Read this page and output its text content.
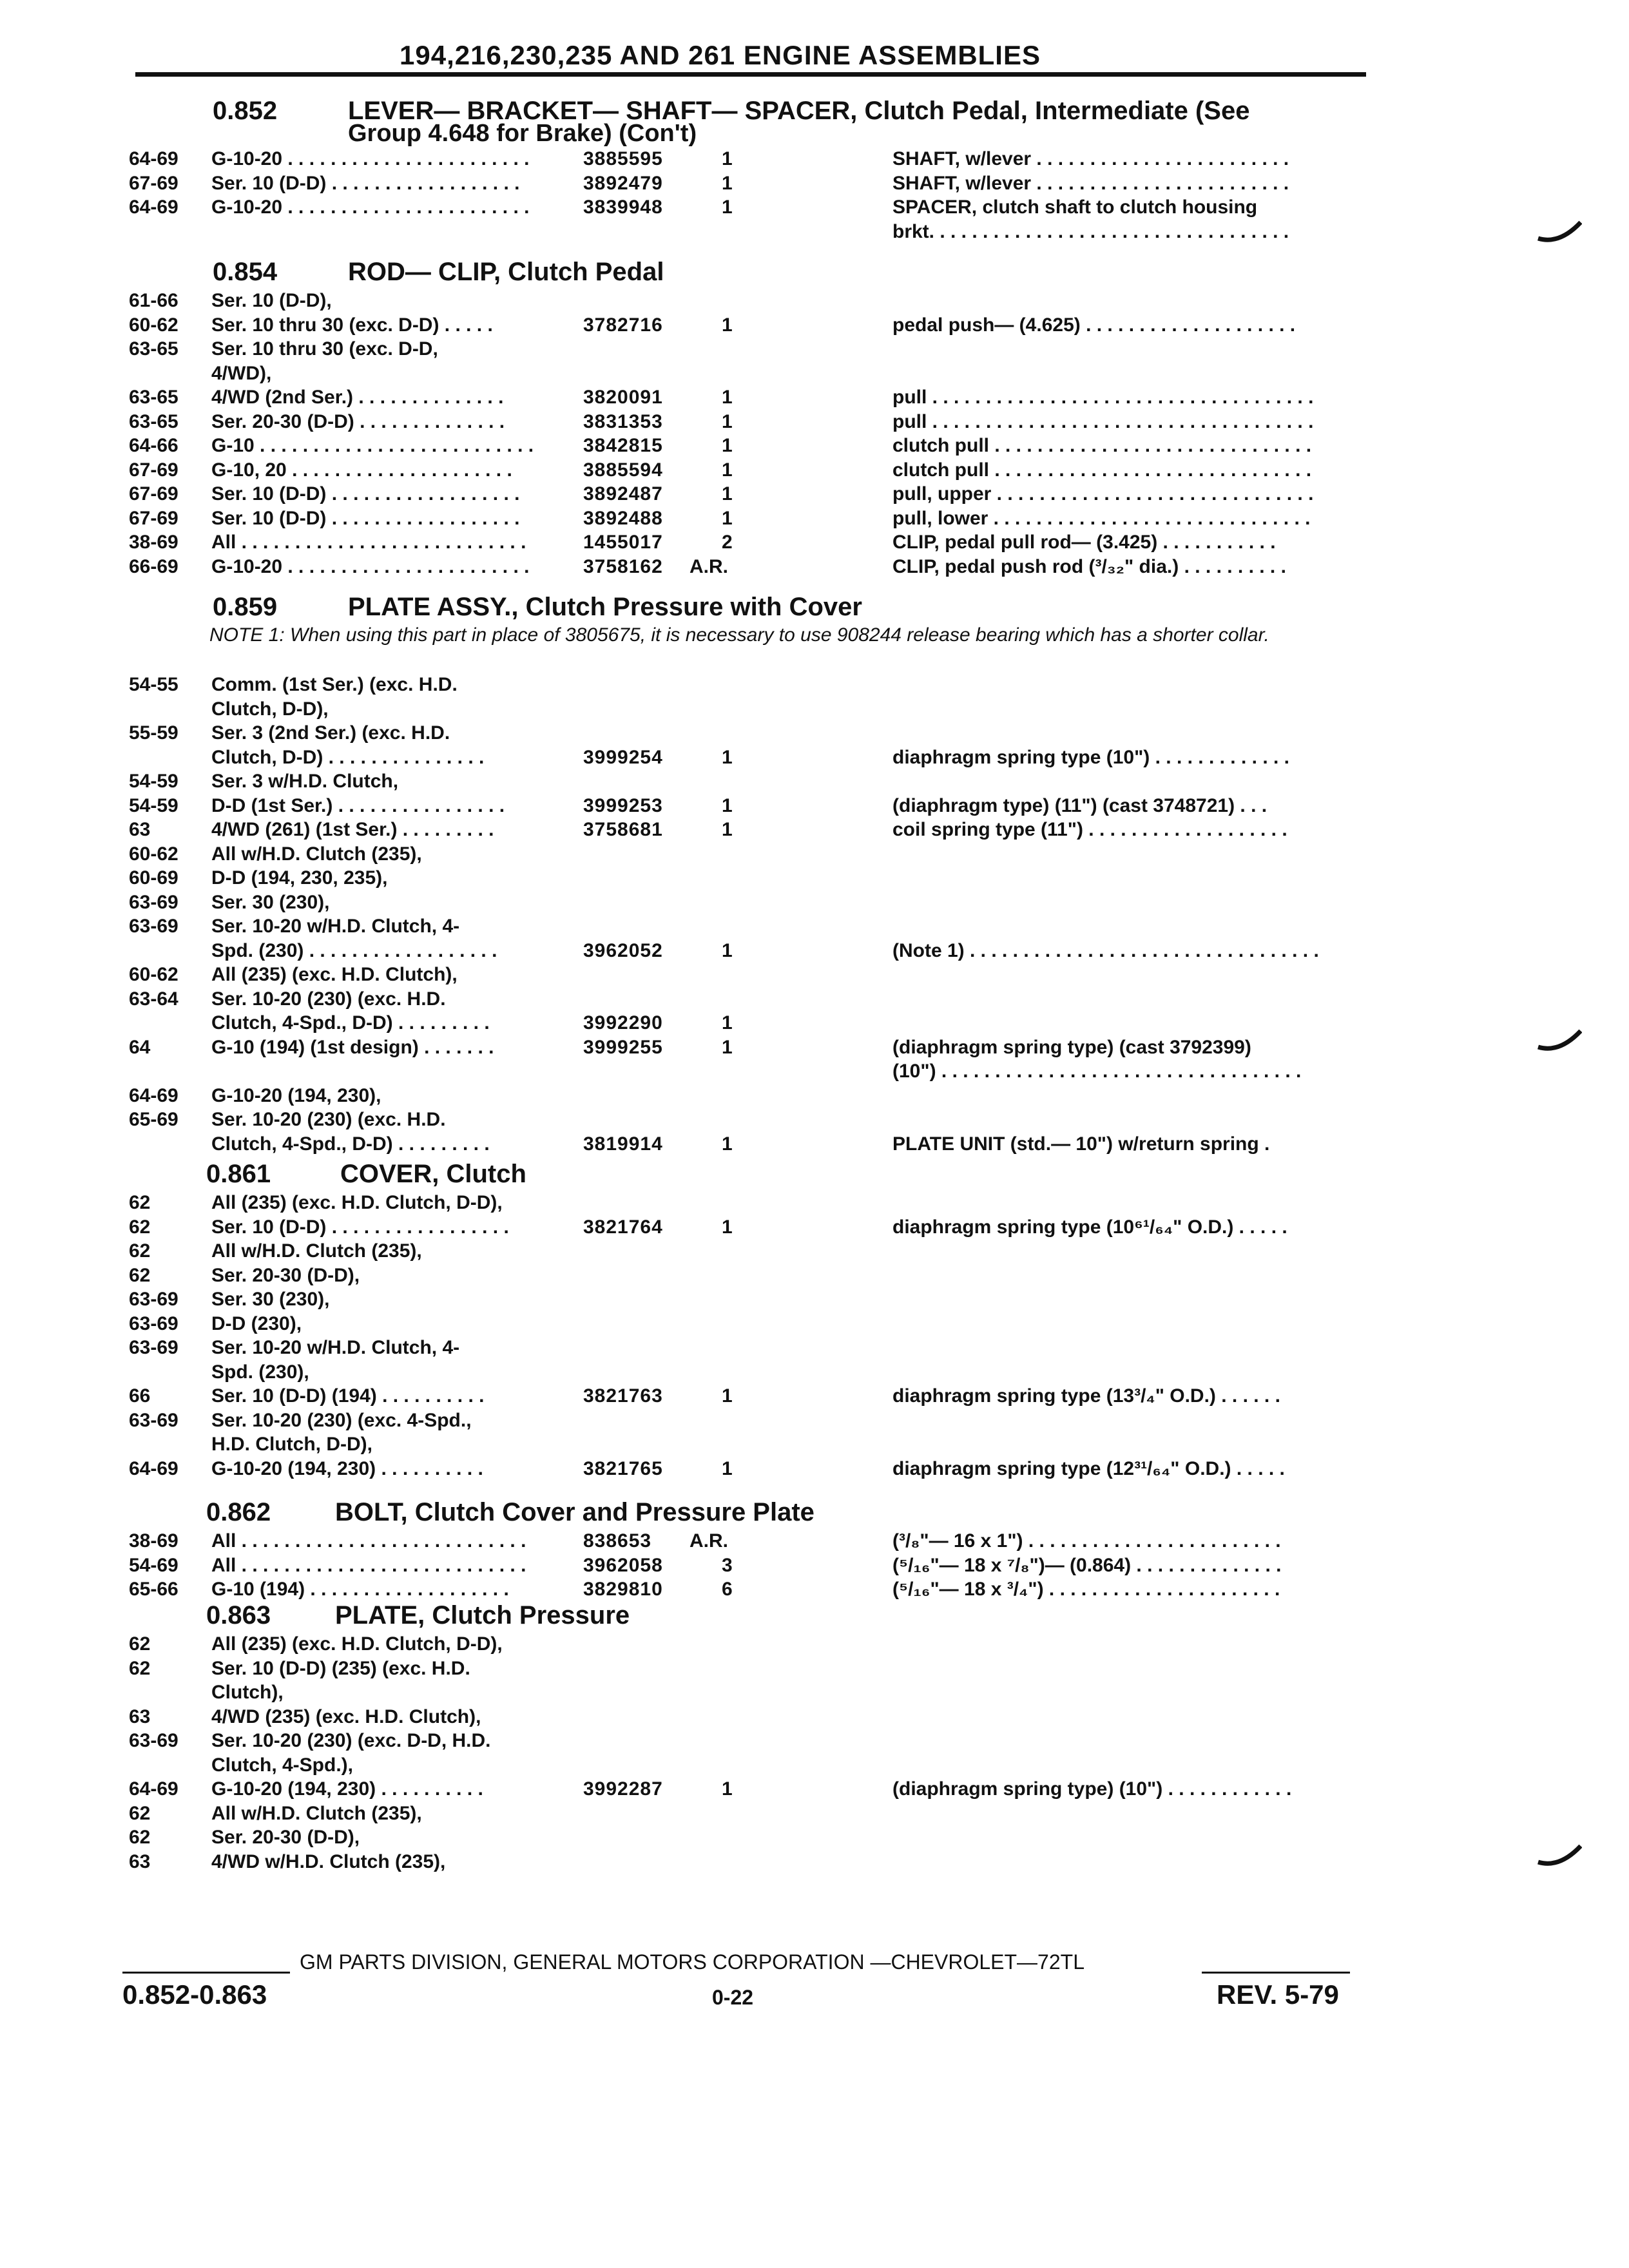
194,216,230,235 AND 261 ENGINE ASSEMBLIES
0.852	LEVER— BRACKET— SHAFT— SPACER, Clutch Pedal, Intermediate (See
Group 4.648 for Brake) (Con't)
64-69 G-10-20 . . . . . . . . . . . . . . . . . . . . . . .	3885595	1	SHAFT, w/lever . . . . . . . . . . . . . . . . . . . . . . . .
67-69 Ser. 10 (D-D) . . . . . . . . . . . . . . . . . .	3892479	1	SHAFT, w/lever . . . . . . . . . . . . . . . . . . . . . . . .
64-69 G-10-20 . . . . . . . . . . . . . . . . . . . . . . .	3839948	1	SPACER, clutch shaft to clutch housing
brkt. . . . . . . . . . . . . . . . . . . . . . . . . . . . . . . . . .
0.854	ROD— CLIP, Clutch Pedal
61-66 Ser. 10 (D-D),
60-62 Ser. 10 thru 30 (exc. D-D) . . . . .	3782716	1	pedal push— (4.625) . . . . . . . . . . . . . . . . . . . .
63-65 Ser. 10 thru 30 (exc. D-D,
4/WD),
63-65 4/WD (2nd Ser.) . . . . . . . . . . . . . .	3820091	1	pull . . . . . . . . . . . . . . . . . . . . . . . . . . . . . . . . . . . .
63-65 Ser. 20-30 (D-D) . . . . . . . . . . . . . .	3831353	1	pull . . . . . . . . . . . . . . . . . . . . . . . . . . . . . . . . . . . .
64-66 G-10 . . . . . . . . . . . . . . . . . . . . . . . . . .	3842815	1	clutch pull . . . . . . . . . . . . . . . . . . . . . . . . . . . . . .
67-69 G-10, 20 . . . . . . . . . . . . . . . . . . . . .	3885594	1	clutch pull . . . . . . . . . . . . . . . . . . . . . . . . . . . . . .
67-69 Ser. 10 (D-D) . . . . . . . . . . . . . . . . . .	3892487	1	pull, upper . . . . . . . . . . . . . . . . . . . . . . . . . . . . . .
67-69 Ser. 10 (D-D) . . . . . . . . . . . . . . . . . .	3892488	1	pull, lower . . . . . . . . . . . . . . . . . . . . . . . . . . . . . .
38-69 All . . . . . . . . . . . . . . . . . . . . . . . . . . .	1455017	2	CLIP, pedal pull rod— (3.425) . . . . . . . . . . .
66-69 G-10-20 . . . . . . . . . . . . . . . . . . . . . . .	3758162 A.R.	CLIP, pedal push rod (³/₃₂" dia.) . . . . . . . . . .
0.859	PLATE ASSY., Clutch Pressure with Cover
NOTE 1: When using this part in place of 3805675, it is necessary to use 908244 release bearing which has a shorter collar.
54-55 Comm. (1st Ser.) (exc. H.D.
Clutch, D-D),
55-59 Ser. 3 (2nd Ser.) (exc. H.D.
Clutch, D-D) . . . . . . . . . . . . . . .	3999254	1	diaphragm spring type (10") . . . . . . . . . . . . .
54-59 Ser. 3 w/H.D. Clutch,
54-59 D-D (1st Ser.) . . . . . . . . . . . . . . . .	3999253	1	(diaphragm type) (11") (cast 3748721) . . .
63	4/WD (261) (1st Ser.) . . . . . . . . .	3758681	1	coil spring type (11") . . . . . . . . . . . . . . . . . . .
60-62 All w/H.D. Clutch (235),
60-69 D-D (194, 230, 235),
63-69 Ser. 30 (230),
63-69 Ser. 10-20 w/H.D. Clutch, 4-
Spd. (230) . . . . . . . . . . . . . . . . . .	3962052	1	(Note 1) . . . . . . . . . . . . . . . . . . . . . . . . . . . . . . . . .
60-62 All (235) (exc. H.D. Clutch),
63-64 Ser. 10-20 (230) (exc. H.D.
Clutch, 4-Spd., D-D) . . . . . . . . .	3992290	1
64	G-10 (194) (1st design) . . . . . . .	3999255	1	(diaphragm spring type) (cast 3792399)
(10") . . . . . . . . . . . . . . . . . . . . . . . . . . . . . . . . . .
64-69 G-10-20 (194, 230),
65-69 Ser. 10-20 (230) (exc. H.D.
Clutch, 4-Spd., D-D) . . . . . . . . .	3819914	1	PLATE UNIT (std.— 10") w/return spring .
0.861	COVER, Clutch
62	All (235) (exc. H.D. Clutch, D-D),
62	Ser. 10 (D-D) . . . . . . . . . . . . . . . . .	3821764	1	diaphragm spring type (10⁶¹/₆₄" O.D.) . . . . .
62	All w/H.D. Clutch (235),
62	Ser. 20-30 (D-D),
63-69 Ser. 30 (230),
63-69 D-D (230),
63-69 Ser. 10-20 w/H.D. Clutch, 4-
Spd. (230),
66	Ser. 10 (D-D) (194) . . . . . . . . . .	3821763	1	diaphragm spring type (13³/₄" O.D.) . . . . . .
63-69 Ser. 10-20 (230) (exc. 4-Spd.,
H.D. Clutch, D-D),
64-69 G-10-20 (194, 230) . . . . . . . . . .	3821765	1	diaphragm spring type (12³¹/₆₄" O.D.) . . . . .
0.862 BOLT, Clutch Cover and Pressure Plate
38-69 All . . . . . . . . . . . . . . . . . . . . . . . . . . .	838653 A.R.	(³/₈"— 16 x 1") . . . . . . . . . . . . . . . . . . . . . . . .
54-69 All . . . . . . . . . . . . . . . . . . . . . . . . . . .	3962058	3	(⁵/₁₆"— 18 x ⁷/₈")— (0.864) . . . . . . . . . . . . . .
65-66 G-10 (194) . . . . . . . . . . . . . . . . . . .	3829810	6	(⁵/₁₆"— 18 x ³/₄") . . . . . . . . . . . . . . . . . . . . . .
0.863 PLATE, Clutch Pressure
62	All (235) (exc. H.D. Clutch, D-D),
62	Ser. 10 (D-D) (235) (exc. H.D.
Clutch),
63	4/WD (235) (exc. H.D. Clutch),
63-69 Ser. 10-20 (230) (exc. D-D, H.D.
Clutch, 4-Spd.),
64-69 G-10-20 (194, 230) . . . . . . . . . .	3992287	1	(diaphragm spring type) (10") . . . . . . . . . . . .
62	All w/H.D. Clutch (235),
62	Ser. 20-30 (D-D),
63	4/WD w/H.D. Clutch (235),
GM PARTS DIVISION, GENERAL MOTORS CORPORATION —CHEVROLET—72TL
0.852-0.863	0-22	REV. 5-79
